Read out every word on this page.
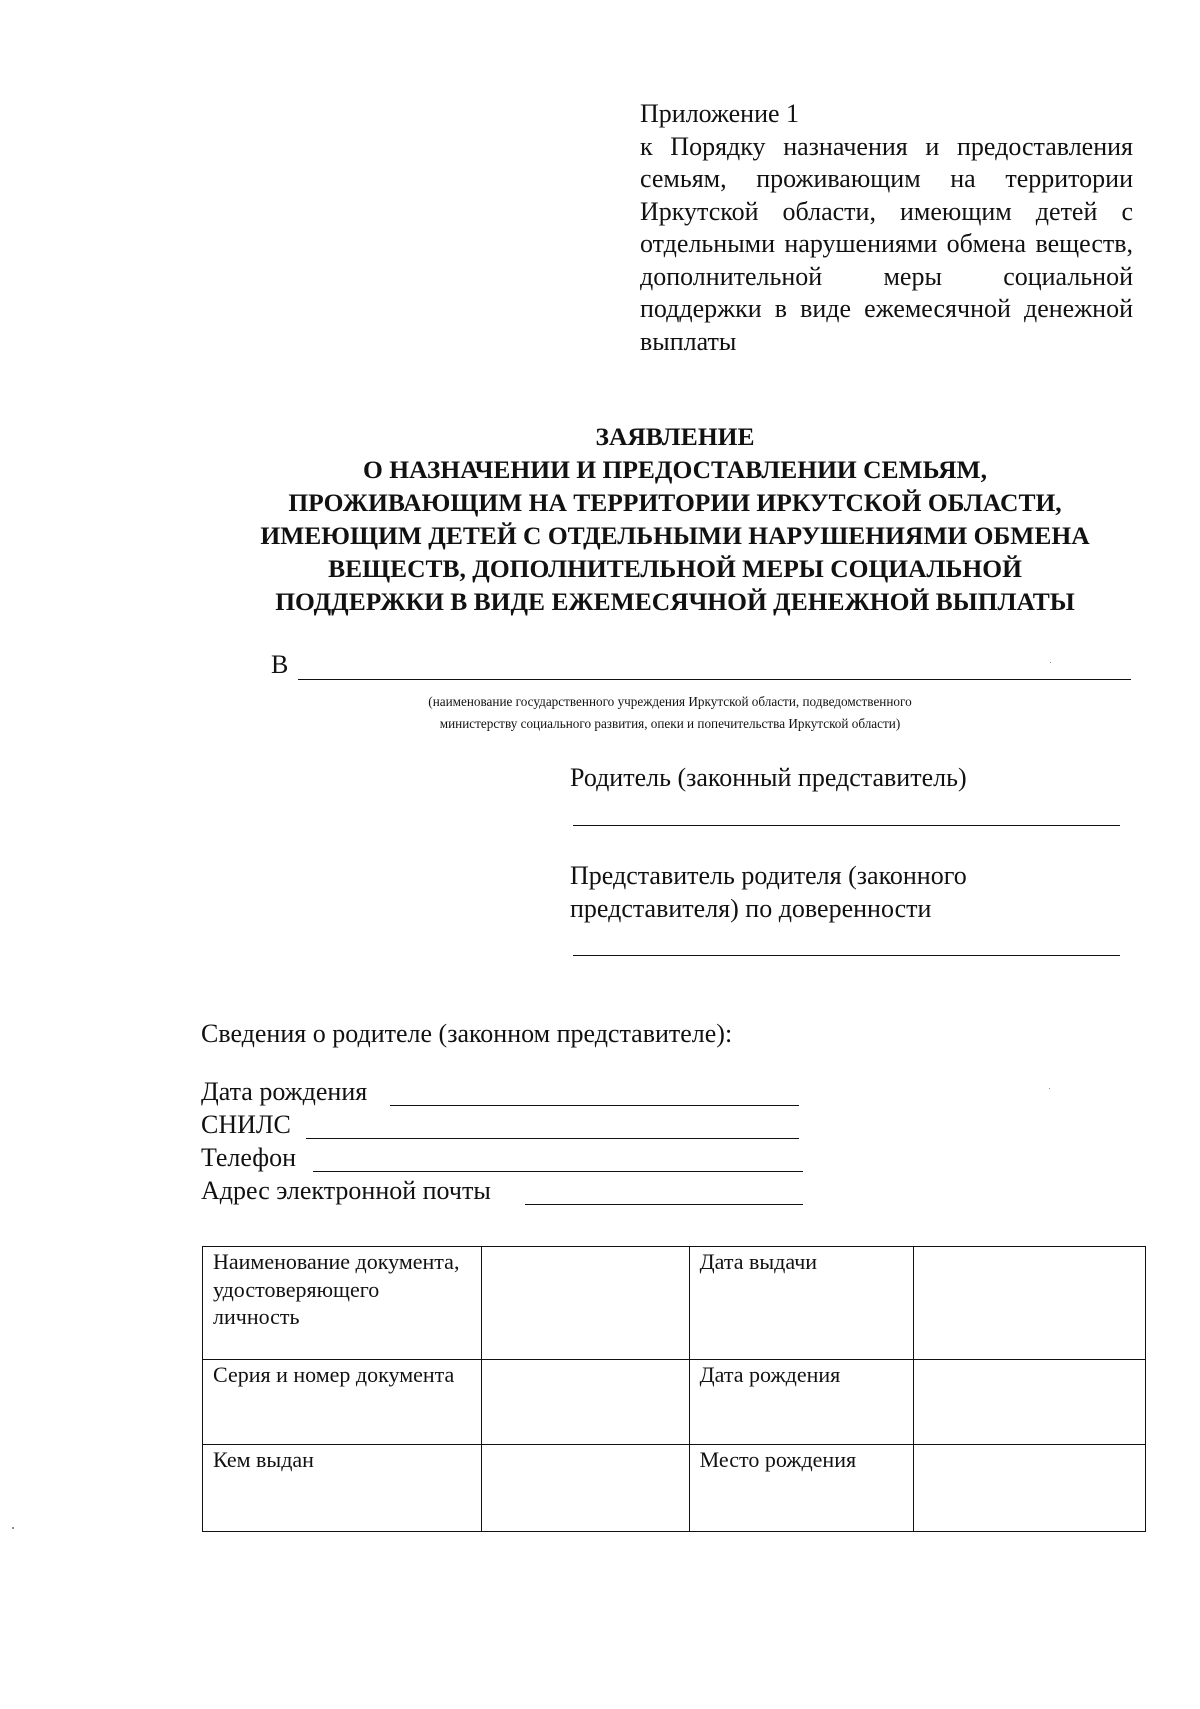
Приложение 1
к Порядку назначения и предоставления семьям, проживающим на территории Иркутской области, имеющим детей с отдельными нарушениями обмена веществ, дополнительной меры социальной поддержки в виде ежемесячной денежной выплаты
ЗАЯВЛЕНИЕ
О НАЗНАЧЕНИИ И ПРЕДОСТАВЛЕНИИ СЕМЬЯМ,
ПРОЖИВАЮЩИМ НА ТЕРРИТОРИИ ИРКУТСКОЙ ОБЛАСТИ,
ИМЕЮЩИМ ДЕТЕЙ С ОТДЕЛЬНЫМИ НАРУШЕНИЯМИ ОБМЕНА
ВЕЩЕСТВ, ДОПОЛНИТЕЛЬНОЙ МЕРЫ СОЦИАЛЬНОЙ
ПОДДЕРЖКИ В ВИДЕ ЕЖЕМЕСЯЧНОЙ ДЕНЕЖНОЙ ВЫПЛАТЫ
В
(наименование государственного учреждения Иркутской области, подведомственного
министерству социального развития, опеки и попечительства Иркутской области)
Родитель (законный представитель)
Представитель родителя (законного представителя) по доверенности
Сведения о родителе (законном представителе):
Дата рождения
СНИЛС
Телефон
Адрес электронной почты
Наименование документа, удостоверяющего личность		Дата выдачи	
Серия и номер документа		Дата рождения	
Кем выдан		Место рождения	
